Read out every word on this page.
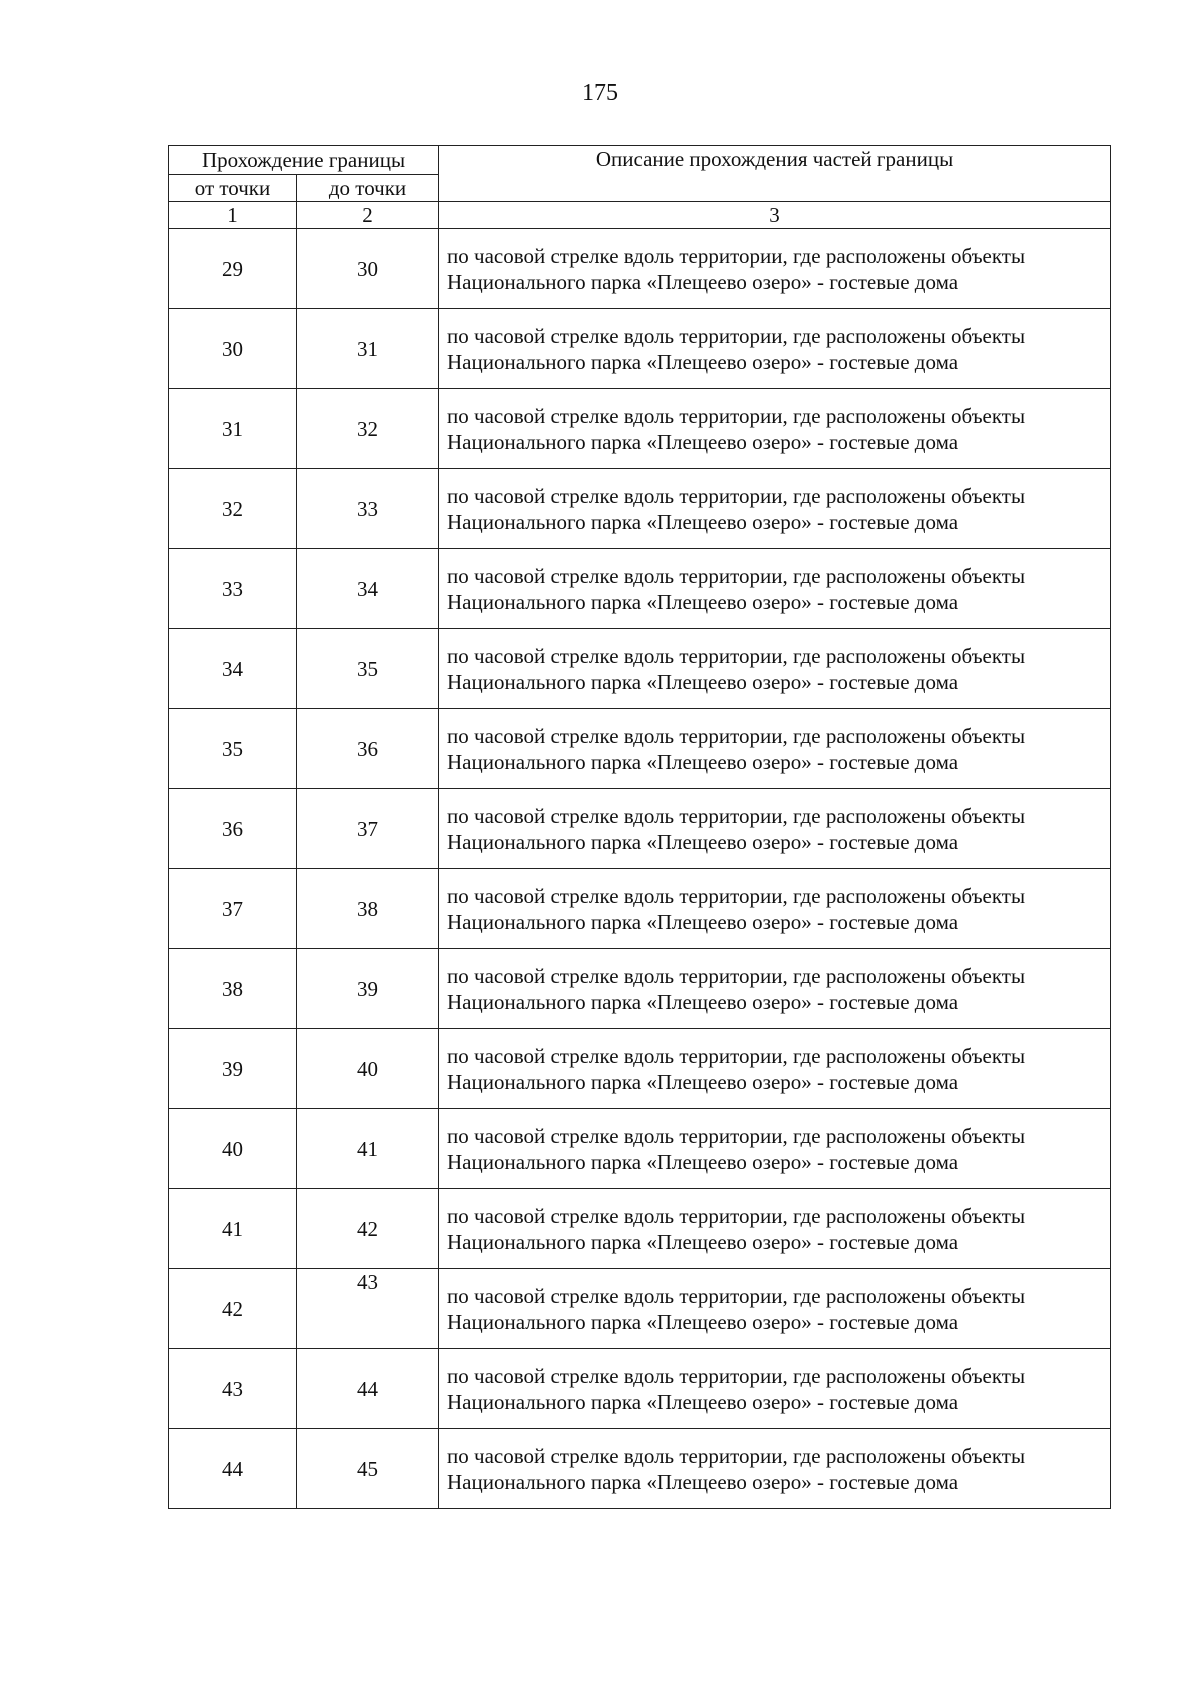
175
Прохождение границы		Описание прохождения частей границы
от точки	до точки	
1	2	3
29	30	по часовой стрелке вдоль территории, где расположены объекты Национального парка «Плещеево озеро» - гостевые дома
30	31	по часовой стрелке вдоль территории, где расположены объекты Национального парка «Плещеево озеро» - гостевые дома
31	32	по часовой стрелке вдоль территории, где расположены объекты Национального парка «Плещеево озеро» - гостевые дома
32	33	по часовой стрелке вдоль территории, где расположены объекты Национального парка «Плещеево озеро» - гостевые дома
33	34	по часовой стрелке вдоль территории, где расположены объекты Национального парка «Плещеево озеро» - гостевые дома
34	35	по часовой стрелке вдоль территории, где расположены объекты Национального парка «Плещеево озеро» - гостевые дома
35	36	по часовой стрелке вдоль территории, где расположены объекты Национального парка «Плещеево озеро» - гостевые дома
36	37	по часовой стрелке вдоль территории, где расположены объекты Национального парка «Плещеево озеро» - гостевые дома
37	38	по часовой стрелке вдоль территории, где расположены объекты Национального парка «Плещеево озеро» - гостевые дома
38	39	по часовой стрелке вдоль территории, где расположены объекты Национального парка «Плещеево озеро» - гостевые дома
39	40	по часовой стрелке вдоль территории, где расположены объекты Национального парка «Плещеево озеро» - гостевые дома
40	41	по часовой стрелке вдоль территории, где расположены объекты Национального парка «Плещеево озеро» - гостевые дома
41	42	по часовой стрелке вдоль территории, где расположены объекты Национального парка «Плещеево озеро» - гостевые дома
42	43	по часовой стрелке вдоль территории, где расположены объекты Национального парка «Плещеево озеро» - гостевые дома
43	44	по часовой стрелке вдоль территории, где расположены объекты Национального парка «Плещеево озеро» - гостевые дома
44	45	по часовой стрелке вдоль территории, где расположены объекты Национального парка «Плещеево озеро» - гостевые дома
